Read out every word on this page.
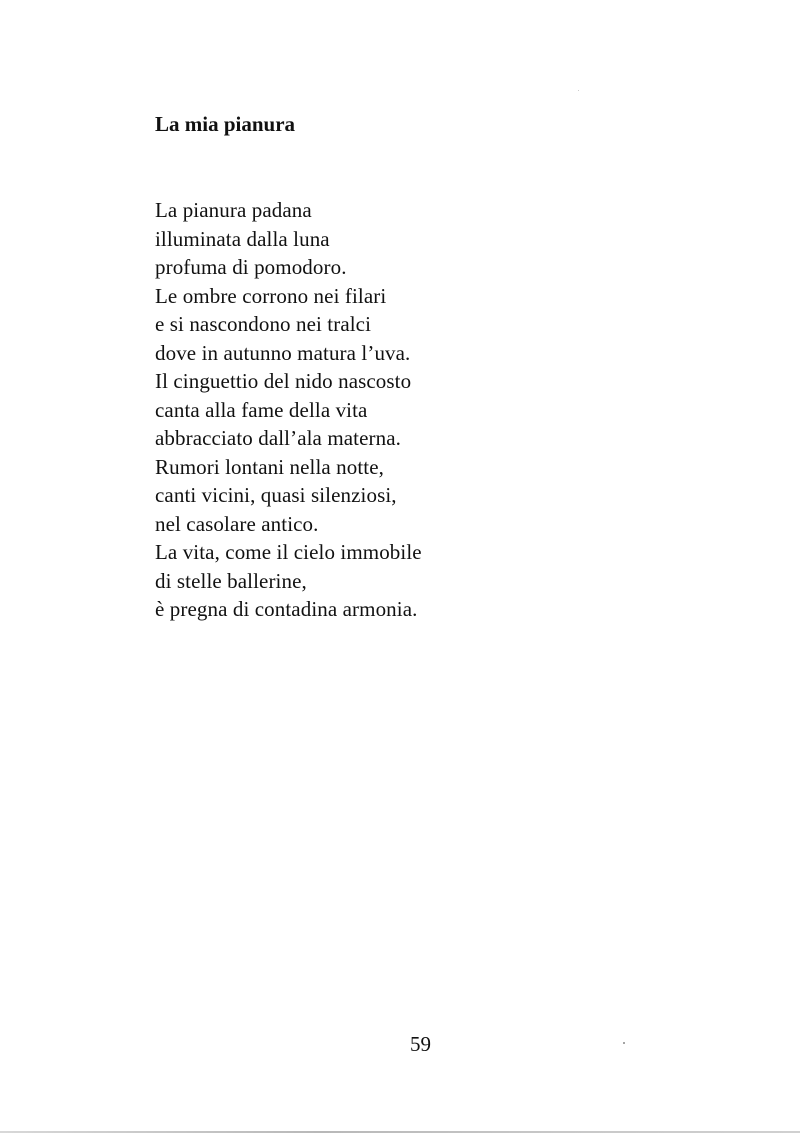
La mia pianura
La pianura padana
illuminata dalla luna
profuma di pomodoro.
Le ombre corrono nei filari
e si nascondono nei tralci
dove in autunno matura l’uva.
Il cinguettio del nido nascosto
canta alla fame della vita
abbracciato dall’ala materna.
Rumori lontani nella notte,
canti vicini, quasi silenziosi,
nel casolare antico.
La vita, come il cielo immobile
di stelle ballerine,
è pregna di contadina armonia.
59
